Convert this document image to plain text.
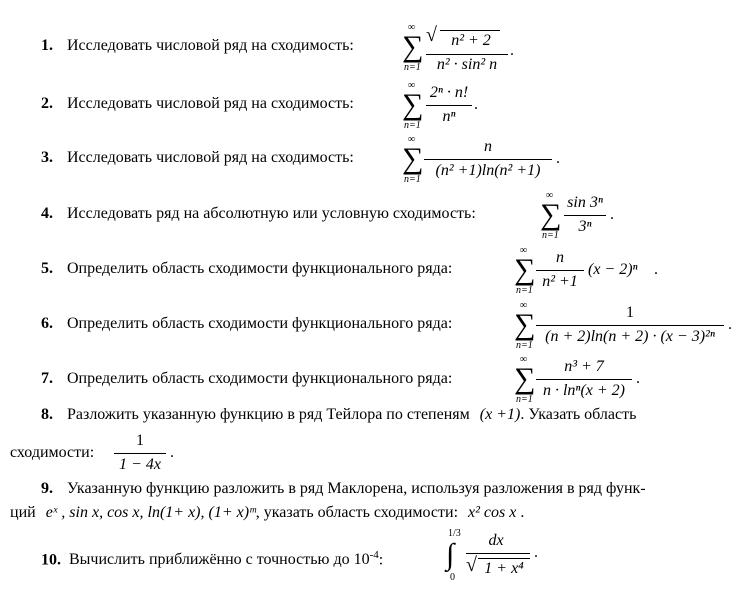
1. Исследовать числовой ряд на сходимость:
∞
∑
n=1
√ n² + 2
n² · sin² n
.
2. Исследовать числовой ряд на сходимость:
∞
∑
n=1
2ⁿ · n!
nⁿ
.
3. Исследовать числовой ряд на сходимость:
∞
∑
n=1
n
(n² +1)ln(n² +1)
.
4. Исследовать ряд на абсолютную или условную сходимость:
∞
∑
n=1
sin 3ⁿ
3ⁿ
.
5. Определить область сходимости функционального ряда:
∞
∑
n=1
n
n² +1
(x − 2)ⁿ .
6. Определить область сходимости функционального ряда:
∞
∑
n=1
1
(n + 2)ln(n + 2) · (x − 3)²ⁿ
.
7. Определить область сходимости функционального ряда:
∞
∑
n=1
n³ + 7
n · lnⁿ(x + 2)
.
8. Разложить указанную функцию в ряд Тейлора по степеням (x +1). Указать область
сходимости:
1
1 − 4x
.
9. Указанную функцию разложить в ряд Маклорена, используя разложения в ряд функ-
ций eˣ , sin x, cos x, ln(1+ x), (1+ x)ᵐ, указать область сходимости: x² cos x .
10. Вычислить приближённо с точностью до $10^{-4}$:
1/3
∫
0
dx
√ 1 + x⁴
.
